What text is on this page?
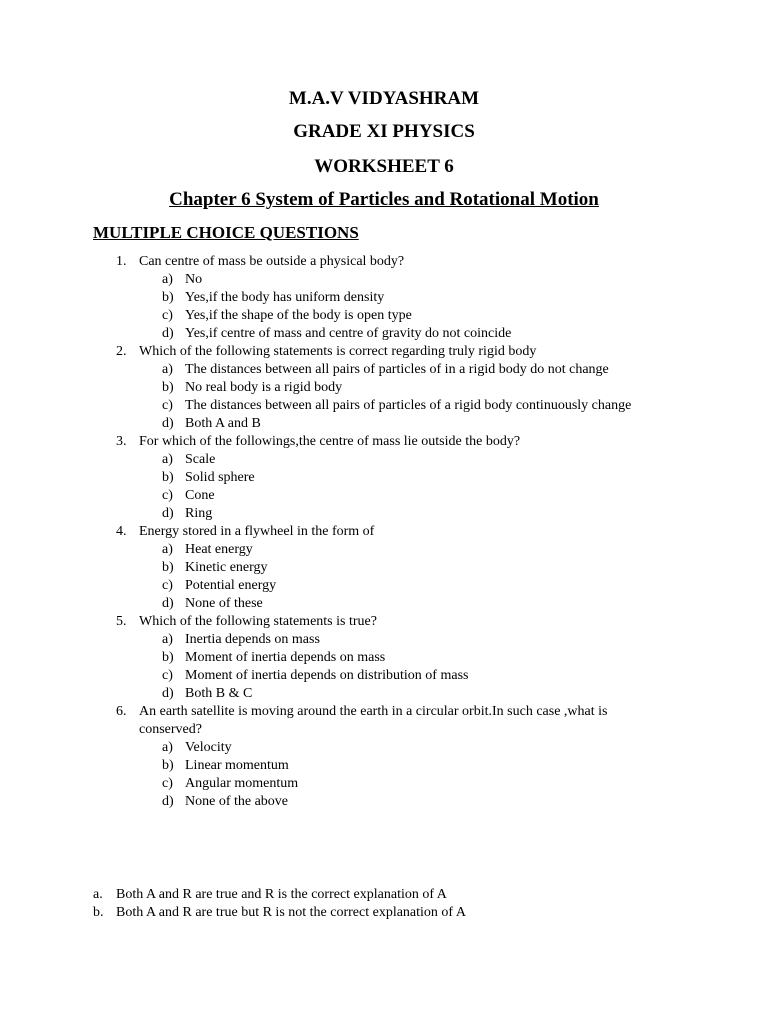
M.A.V VIDYASHRAM
GRADE XI PHYSICS
WORKSHEET 6
Chapter 6 System of Particles and Rotational Motion
MULTIPLE CHOICE QUESTIONS
1. Can centre of mass be outside a physical body?
a) No
b) Yes,if the body has uniform density
c) Yes,if the shape of the body is open type
d) Yes,if centre of mass and centre of gravity do not coincide
2. Which of the following statements is correct regarding truly rigid body
a) The distances between all pairs of particles of in a rigid body do not change
b) No real body is a rigid body
c) The distances between all pairs of particles of a rigid body continuously change
d) Both A and B
3. For which of the followings,the centre of mass lie outside the body?
a) Scale
b) Solid sphere
c) Cone
d) Ring
4. Energy stored in a flywheel in the form of
a) Heat energy
b) Kinetic energy
c) Potential energy
d) None of these
5. Which of the following statements is true?
a) Inertia depends on mass
b) Moment of inertia depends on mass
c) Moment of inertia depends on distribution of mass
d) Both B & C
6. An earth satellite is moving around the earth in a circular orbit.In such case ,what is conserved?
a) Velocity
b) Linear momentum
c) Angular momentum
d) None of the above
a. Both A and R are true and R is the correct explanation of A
b. Both A and R are true but R is not the correct explanation of A
